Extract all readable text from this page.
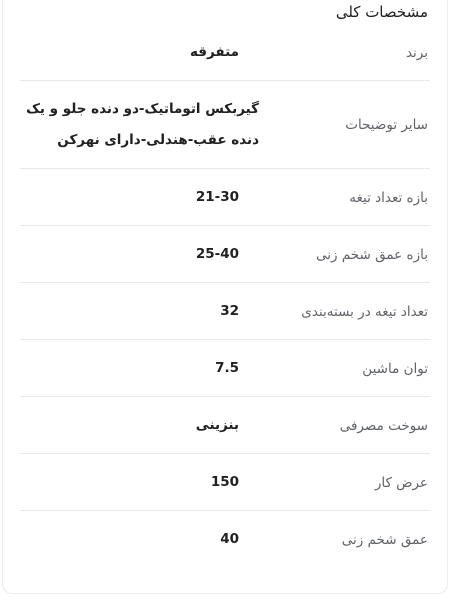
مشخصات کلی
برند
متفرقه
سایر توضیحات
گیربکس اتوماتیک-دو دنده جلو و یک دنده عقب-هندلی-دارای نهرکن
بازه تعداد تیغه
21-30
بازه عمق شخم زنی
25-40
تعداد تیغه در بسته‌بندی
32
توان ماشین
7.5
سوخت مصرفی
بنزینی
عرض کار
150
عمق شخم زنی
40
